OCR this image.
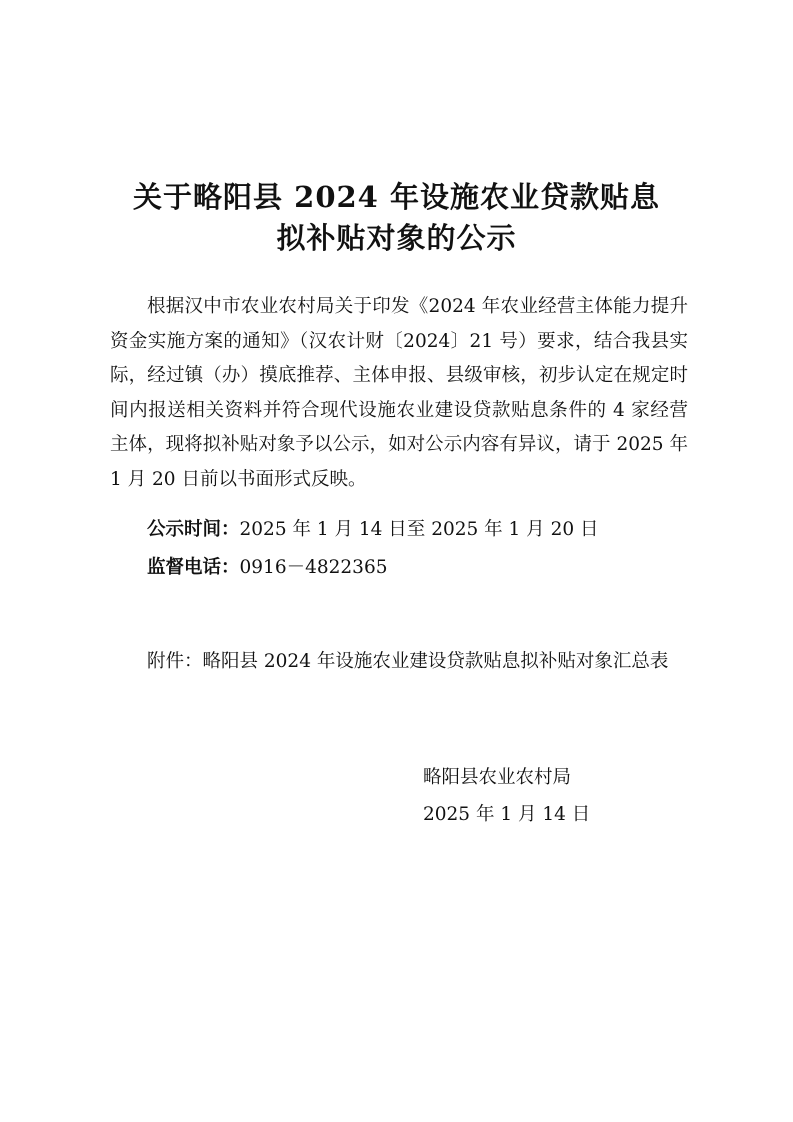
关于略阳县 2024 年设施农业贷款贴息
拟补贴对象的公示

根据汉中市农业农村局关于印发《2024 年农业经营主体能力提升资金实施方案的通知》（汉农计财〔2024〕21 号）要求，结合我县实际，经过镇（办）摸底推荐、主体申报、县级审核，初步认定在规定时间内报送相关资料并符合现代设施农业建设贷款贴息条件的 4 家经营主体，现将拟补贴对象予以公示，如对公示内容有异议，请于 2025 年 1 月 20 日前以书面形式反映。

公示时间：2025 年 1 月 14 日至 2025 年 1 月 20 日
监督电话：0916－4822365
附件：略阳县 2024 年设施农业建设贷款贴息拟补贴对象汇总表
略阳县农业农村局
2025 年 1 月 14 日
